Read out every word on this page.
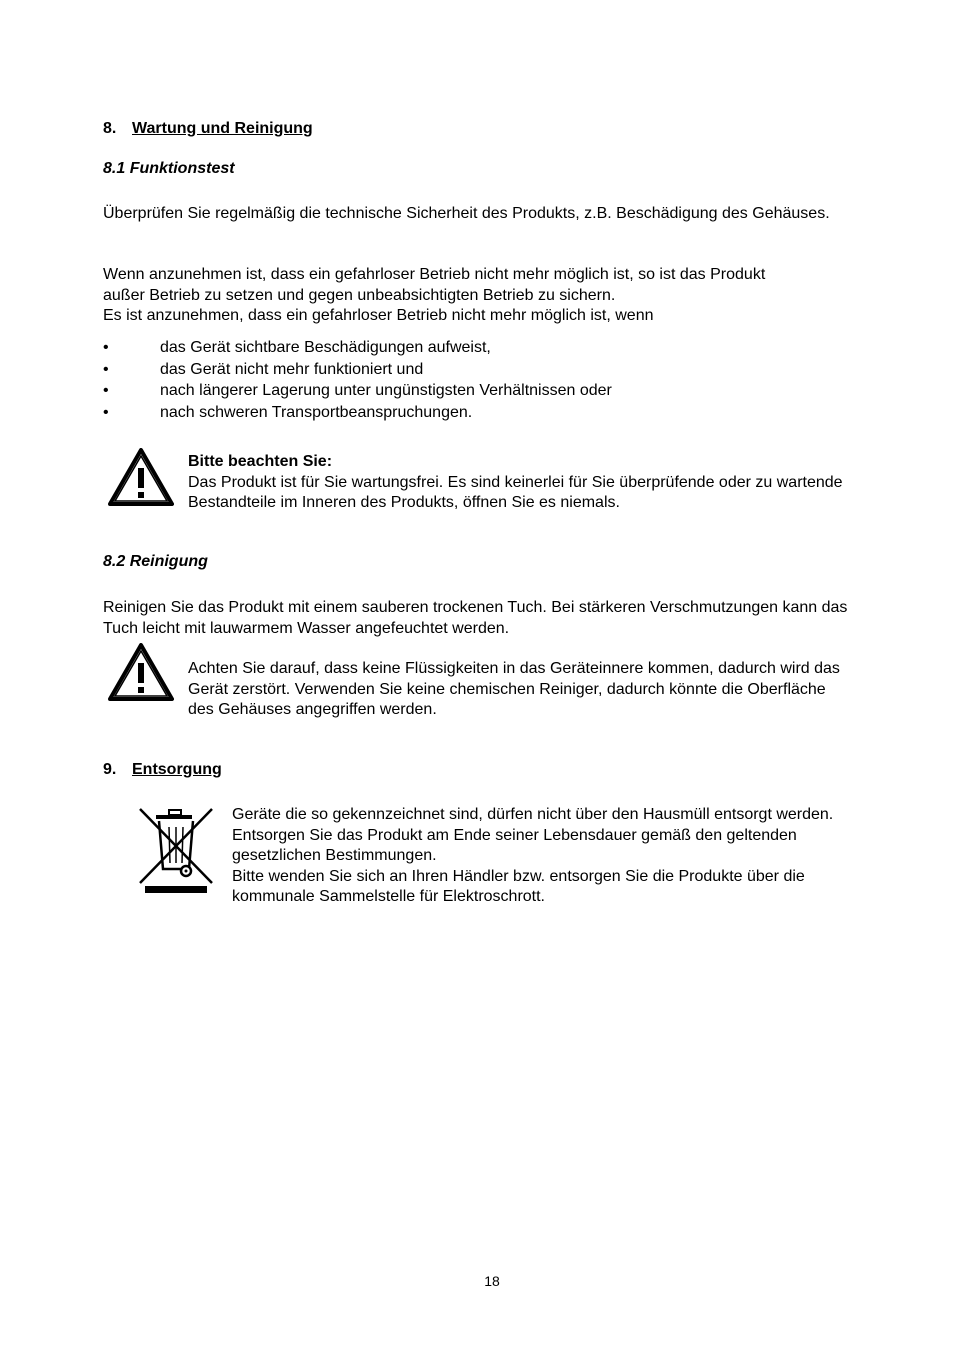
8. Wartung und Reinigung
8.1 Funktionstest

Überprüfen Sie regelmäßig die technische Sicherheit des Produkts, z.B. Beschädigung des Gehäuses.

Wenn anzunehmen ist, dass ein gefahrloser Betrieb nicht mehr möglich ist, so ist das Produkt
außer Betrieb zu setzen und gegen unbeabsichtigten Betrieb zu sichern.
Es ist anzunehmen, dass ein gefahrloser Betrieb nicht mehr möglich ist, wenn
•	das Gerät sichtbare Beschädigungen aufweist,
•	das Gerät nicht mehr funktioniert und
•	nach längerer Lagerung unter ungünstigsten Verhältnissen oder
•	nach schweren Transportbeanspruchungen.
Bitte beachten Sie:

Das Produkt ist für Sie wartungsfrei. Es sind keinerlei für Sie überprüfende oder zu wartende Bestandteile im Inneren des Produkts, öffnen Sie es niemals.

8.2 Reinigung

Reinigen Sie das Produkt mit einem sauberen trockenen Tuch. Bei stärkeren Verschmutzungen kann das Tuch leicht mit lauwarmem Wasser angefeuchtet werden.

Achten Sie darauf, dass keine Flüssigkeiten in das Geräteinnere kommen, dadurch wird das Gerät zerstört. Verwenden Sie keine chemischen Reiniger, dadurch könnte die Oberfläche des Gehäuses angegriffen werden.

9. Entsorgung

Geräte die so gekennzeichnet sind, dürfen nicht über den Hausmüll entsorgt werden. Entsorgen Sie das Produkt am Ende seiner Lebensdauer gemäß den geltenden gesetzlichen Bestimmungen.

Bitte wenden Sie sich an Ihren Händler bzw. entsorgen Sie die Produkte über die kommunale Sammelstelle für Elektroschrott.

18
